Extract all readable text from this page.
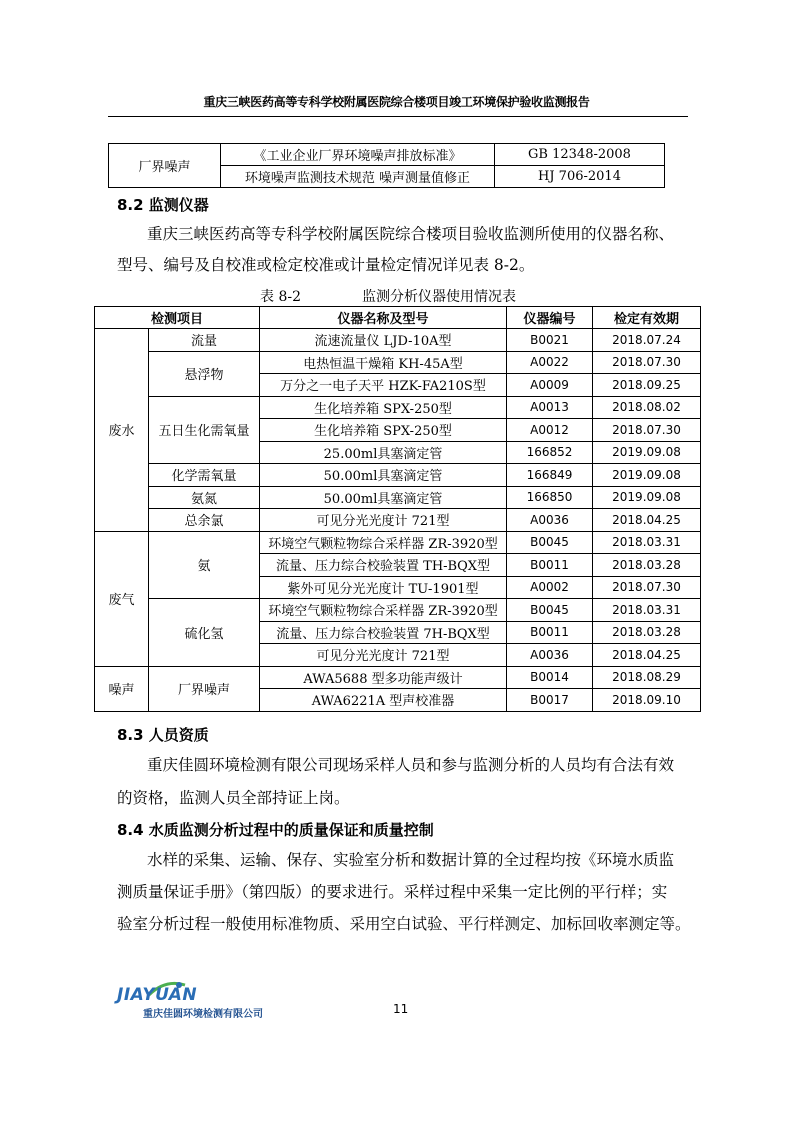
重庆三峡医药高等专科学校附属医院综合楼项目竣工环境保护验收监测报告
厂界噪声	《工业企业厂界环境噪声排放标准》	GB 12348-2008
	环境噪声监测技术规范 噪声测量值修正	HJ 706-2014
8.2 监测仪器
重庆三峡医药高等专科学校附属医院综合楼项目验收监测所使用的仪器名称、
型号、编号及自校准或检定校准或计量检定情况详见表 8-2。
表 8-2	监测分析仪器使用情况表
检测项目		仪器名称及型号	仪器编号	检定有效期
废水	流量	流速流量仪 LJD-10A型	B0021	2018.07.24
	悬浮物	电热恒温干燥箱 KH-45A型	A0022	2018.07.30
		万分之一电子天平 HZK-FA210S型	A0009	2018.09.25
	五日生化需氧量	生化培养箱 SPX-250型	A0013	2018.08.02
		生化培养箱 SPX-250型	A0012	2018.07.30
		25.00ml具塞滴定管	166852	2019.09.08
	化学需氧量	50.00ml具塞滴定管	166849	2019.09.08
	氨氮	50.00ml具塞滴定管	166850	2019.09.08
	总余氯	可见分光光度计 721型	A0036	2018.04.25
废气	氨	环境空气颗粒物综合采样器 ZR-3920型	B0045	2018.03.31
		流量、压力综合校验装置 TH-BQX型	B0011	2018.03.28
		紫外可见分光光度计 TU-1901型	A0002	2018.07.30
	硫化氢	环境空气颗粒物综合采样器 ZR-3920型	B0045	2018.03.31
		流量、压力综合校验装置 7H-BQX型	B0011	2018.03.28
		可见分光光度计 721型	A0036	2018.04.25
噪声	厂界噪声	AWA5688 型多功能声级计	B0014	2018.08.29
		AWA6221A 型声校准器	B0017	2018.09.10
8.3 人员资质
重庆佳圆环境检测有限公司现场采样人员和参与监测分析的人员均有合法有效
的资格，监测人员全部持证上岗。
8.4 水质监测分析过程中的质量保证和质量控制
水样的采集、运输、保存、实验室分析和数据计算的全过程均按《环境水质监
测质量保证手册》（第四版）的要求进行。采样过程中采集一定比例的平行样；实
验室分析过程一般使用标准物质、采用空白试验、平行样测定、加标回收率测定等。
JIAYUAN
重庆佳圆环境检测有限公司	11
